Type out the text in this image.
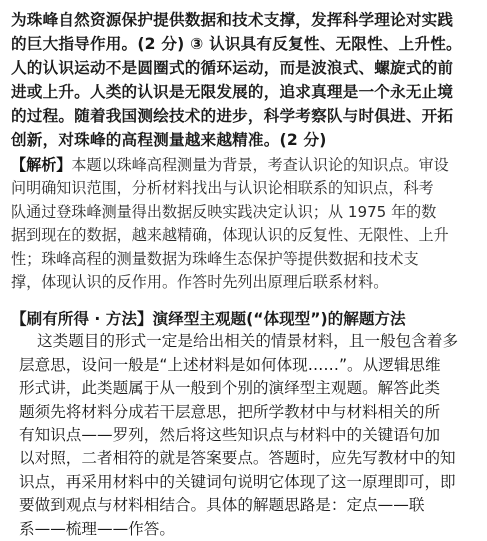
为珠峰自然资源保护提供数据和技术支撑，发挥科学理论对实践
的巨大指导作用。(2 分) ③ 认识具有反复性、无限性、上升性。
人的认识运动不是圆圈式的循环运动，而是波浪式、螺旋式的前
进或上升。人类的认识是无限发展的，追求真理是一个永无止境
的过程。随着我国测绘技术的进步，科学考察队与时俱进、开拓
创新，对珠峰的高程测量越来越精准。(2 分)
【解析】本题以珠峰高程测量为背景，考查认识论的知识点。审设
问明确知识范围，分析材料找出与认识论相联系的知识点，科考
队通过登珠峰测量得出数据反映实践决定认识；从 1975 年的数
据到现在的数据，越来越精确，体现认识的反复性、无限性、上升
性；珠峰高程的测量数据为珠峰生态保护等提供数据和技术支
撑，体现认识的反作用。作答时先列出原理后联系材料。
【刷有所得 · 方法】演绎型主观题(“体现型”)的解题方法
这类题目的形式一定是给出相关的情景材料，且一般包含着多
层意思，设问一般是“上述材料是如何体现……”。从逻辑思维
形式讲，此类题属于从一般到个别的演绎型主观题。解答此类
题须先将材料分成若干层意思，把所学教材中与材料相关的所
有知识点——罗列，然后将这些知识点与材料中的关键语句加
以对照，二者相符的就是答案要点。答题时，应先写教材中的知
识点，再采用材料中的关键词句说明它体现了这一原理即可，即
要做到观点与材料相结合。具体的解题思路是：定点——联
系——梳理——作答。
